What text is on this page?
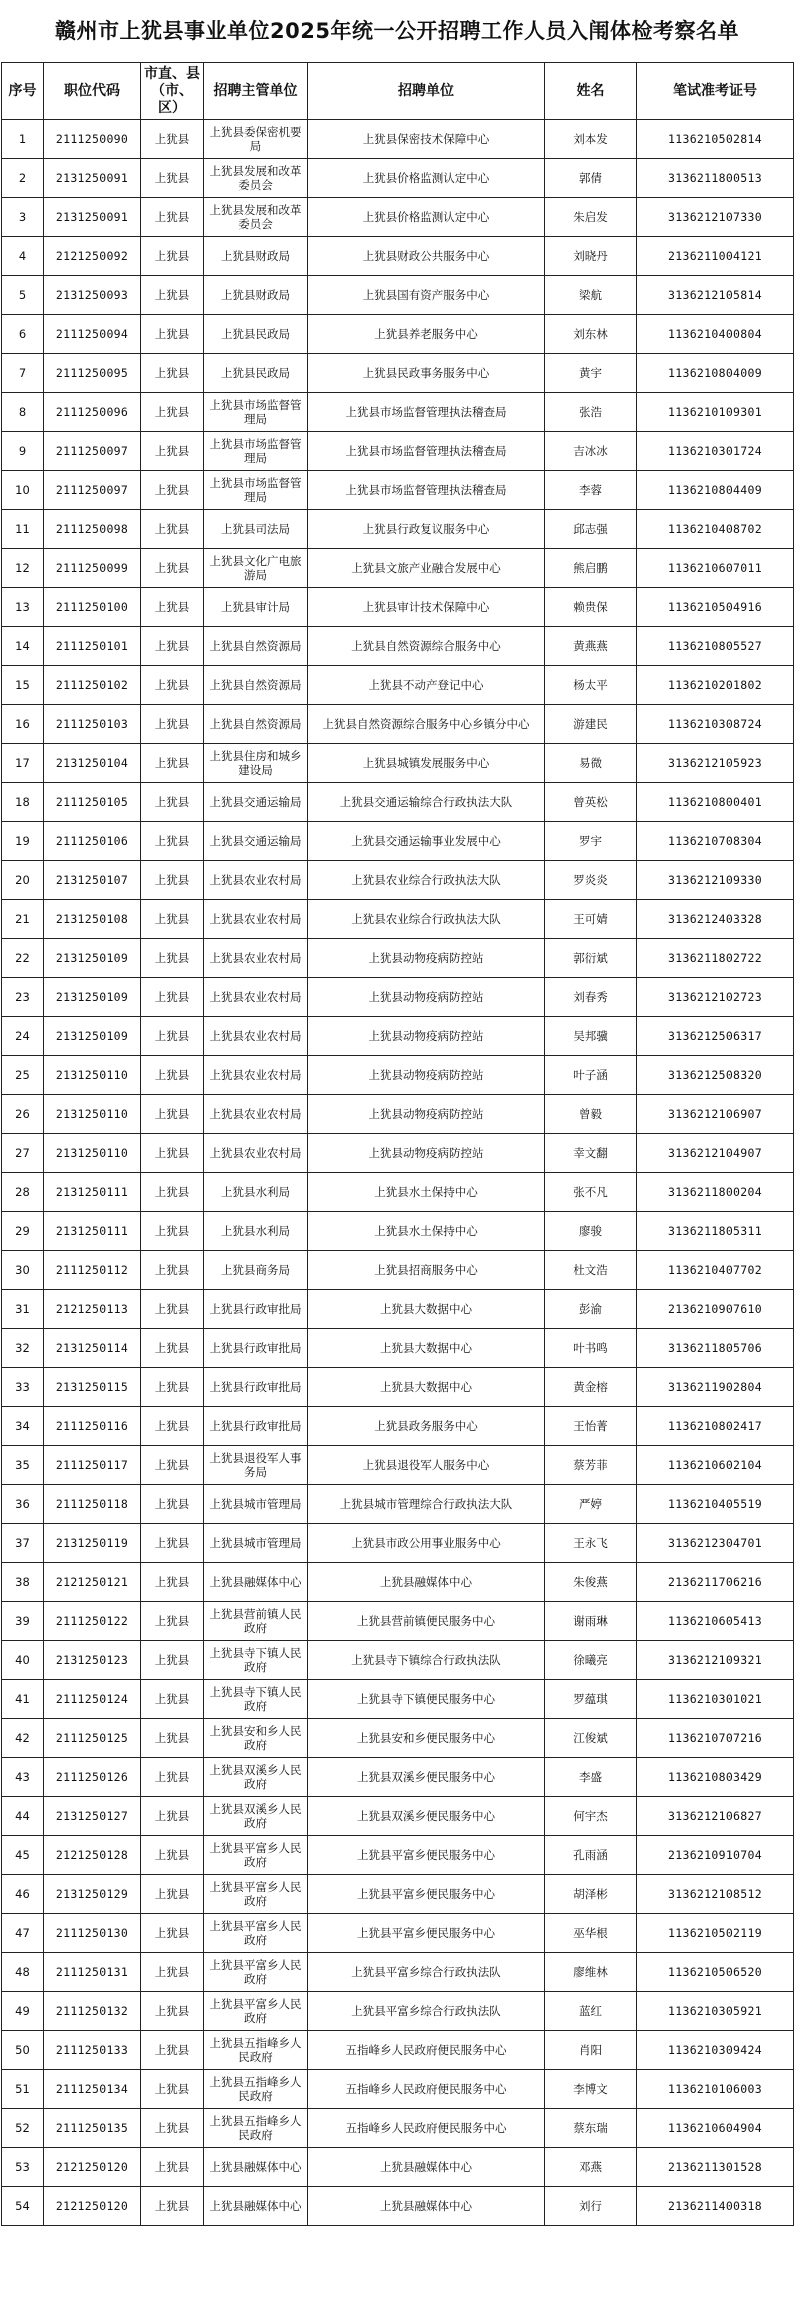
赣州市上犹县事业单位2025年统一公开招聘工作人员入闱体检考察名单
序号	职位代码	市直、县（市、区）	招聘主管单位	招聘单位	姓名	笔试准考证号
1	2111250090	上犹县	上犹县委保密机要局	上犹县保密技术保障中心	刘本发	1136210502814
2	2131250091	上犹县	上犹县发展和改革委员会	上犹县价格监测认定中心	郭倩	3136211800513
3	2131250091	上犹县	上犹县发展和改革委员会	上犹县价格监测认定中心	朱启发	3136212107330
4	2121250092	上犹县	上犹县财政局	上犹县财政公共服务中心	刘晓丹	2136211004121
5	2131250093	上犹县	上犹县财政局	上犹县国有资产服务中心	梁航	3136212105814
6	2111250094	上犹县	上犹县民政局	上犹县养老服务中心	刘东林	1136210400804
7	2111250095	上犹县	上犹县民政局	上犹县民政事务服务中心	黄宇	1136210804009
8	2111250096	上犹县	上犹县市场监督管理局	上犹县市场监督管理执法稽查局	张浩	1136210109301
9	2111250097	上犹县	上犹县市场监督管理局	上犹县市场监督管理执法稽查局	吉冰冰	1136210301724
10	2111250097	上犹县	上犹县市场监督管理局	上犹县市场监督管理执法稽查局	李蓉	1136210804409
11	2111250098	上犹县	上犹县司法局	上犹县行政复议服务中心	邱志强	1136210408702
12	2111250099	上犹县	上犹县文化广电旅游局	上犹县文旅产业融合发展中心	熊启鹏	1136210607011
13	2111250100	上犹县	上犹县审计局	上犹县审计技术保障中心	赖贵保	1136210504916
14	2111250101	上犹县	上犹县自然资源局	上犹县自然资源综合服务中心	黄燕燕	1136210805527
15	2111250102	上犹县	上犹县自然资源局	上犹县不动产登记中心	杨太平	1136210201802
16	2111250103	上犹县	上犹县自然资源局	上犹县自然资源综合服务中心乡镇分中心	游建民	1136210308724
17	2131250104	上犹县	上犹县住房和城乡建设局	上犹县城镇发展服务中心	易微	3136212105923
18	2111250105	上犹县	上犹县交通运输局	上犹县交通运输综合行政执法大队	曾英松	1136210800401
19	2111250106	上犹县	上犹县交通运输局	上犹县交通运输事业发展中心	罗宇	1136210708304
20	2131250107	上犹县	上犹县农业农村局	上犹县农业综合行政执法大队	罗炎炎	3136212109330
21	2131250108	上犹县	上犹县农业农村局	上犹县农业综合行政执法大队	王可婧	3136212403328
22	2131250109	上犹县	上犹县农业农村局	上犹县动物疫病防控站	郭衍斌	3136211802722
23	2131250109	上犹县	上犹县农业农村局	上犹县动物疫病防控站	刘春秀	3136212102723
24	2131250109	上犹县	上犹县农业农村局	上犹县动物疫病防控站	吴邦骥	3136212506317
25	2131250110	上犹县	上犹县农业农村局	上犹县动物疫病防控站	叶子涵	3136212508320
26	2131250110	上犹县	上犹县农业农村局	上犹县动物疫病防控站	曾毅	3136212106907
27	2131250110	上犹县	上犹县农业农村局	上犹县动物疫病防控站	幸文翻	3136212104907
28	2131250111	上犹县	上犹县水利局	上犹县水土保持中心	张不凡	3136211800204
29	2131250111	上犹县	上犹县水利局	上犹县水土保持中心	廖骏	3136211805311
30	2111250112	上犹县	上犹县商务局	上犹县招商服务中心	杜文浩	1136210407702
31	2121250113	上犹县	上犹县行政审批局	上犹县大数据中心	彭渝	2136210907610
32	2131250114	上犹县	上犹县行政审批局	上犹县大数据中心	叶书鸣	3136211805706
33	2131250115	上犹县	上犹县行政审批局	上犹县大数据中心	黄金榕	3136211902804
34	2111250116	上犹县	上犹县行政审批局	上犹县政务服务中心	王怡菁	1136210802417
35	2111250117	上犹县	上犹县退役军人事务局	上犹县退役军人服务中心	蔡芳菲	1136210602104
36	2111250118	上犹县	上犹县城市管理局	上犹县城市管理综合行政执法大队	严婷	1136210405519
37	2131250119	上犹县	上犹县城市管理局	上犹县市政公用事业服务中心	王永飞	3136212304701
38	2121250121	上犹县	上犹县融媒体中心	上犹县融媒体中心	朱俊燕	2136211706216
39	2111250122	上犹县	上犹县营前镇人民政府	上犹县营前镇便民服务中心	谢雨琳	1136210605413
40	2131250123	上犹县	上犹县寺下镇人民政府	上犹县寺下镇综合行政执法队	徐曦亮	3136212109321
41	2111250124	上犹县	上犹县寺下镇人民政府	上犹县寺下镇便民服务中心	罗蕴琪	1136210301021
42	2111250125	上犹县	上犹县安和乡人民政府	上犹县安和乡便民服务中心	江俊斌	1136210707216
43	2111250126	上犹县	上犹县双溪乡人民政府	上犹县双溪乡便民服务中心	李盛	1136210803429
44	2131250127	上犹县	上犹县双溪乡人民政府	上犹县双溪乡便民服务中心	何宇杰	3136212106827
45	2121250128	上犹县	上犹县平富乡人民政府	上犹县平富乡便民服务中心	孔雨涵	2136210910704
46	2131250129	上犹县	上犹县平富乡人民政府	上犹县平富乡便民服务中心	胡泽彬	3136212108512
47	2111250130	上犹县	上犹县平富乡人民政府	上犹县平富乡便民服务中心	巫华根	1136210502119
48	2111250131	上犹县	上犹县平富乡人民政府	上犹县平富乡综合行政执法队	廖维林	1136210506520
49	2111250132	上犹县	上犹县平富乡人民政府	上犹县平富乡综合行政执法队	蓝红	1136210305921
50	2111250133	上犹县	上犹县五指峰乡人民政府	五指峰乡人民政府便民服务中心	肖阳	1136210309424
51	2111250134	上犹县	上犹县五指峰乡人民政府	五指峰乡人民政府便民服务中心	李博文	1136210106003
52	2111250135	上犹县	上犹县五指峰乡人民政府	五指峰乡人民政府便民服务中心	蔡东瑞	1136210604904
53	2121250120	上犹县	上犹县融媒体中心	上犹县融媒体中心	邓燕	2136211301528
54	2121250120	上犹县	上犹县融媒体中心	上犹县融媒体中心	刘行	2136211400318
